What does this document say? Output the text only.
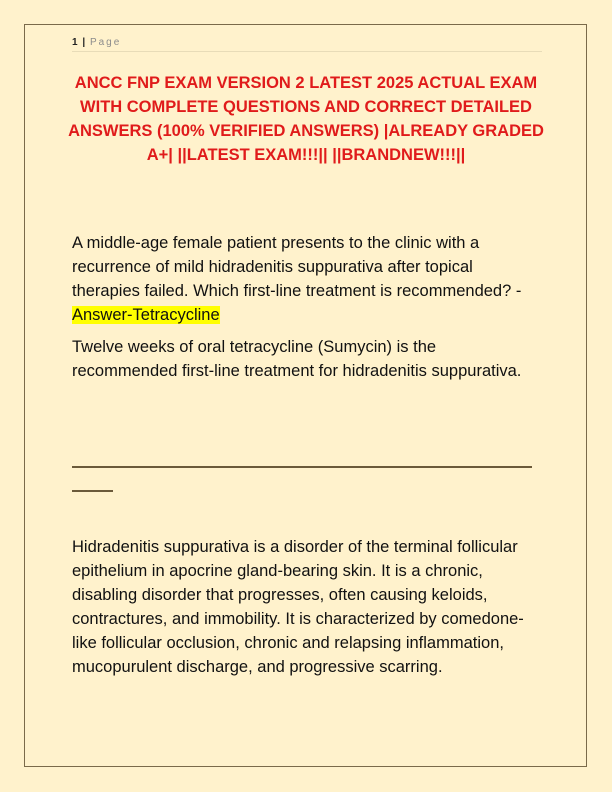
1 | Page
ANCC FNP EXAM VERSION 2 LATEST 2025 ACTUAL EXAM WITH COMPLETE QUESTIONS AND CORRECT DETAILED ANSWERS (100% VERIFIED ANSWERS) |ALREADY GRADED A+| ||LATEST EXAM!!!|| ||BRANDNEW!!!||
A middle-age female patient presents to the clinic with a recurrence of mild hidradenitis suppurativa after topical therapies failed. Which first-line treatment is recommended? - Answer-Tetracycline
Twelve weeks of oral tetracycline (Sumycin) is the recommended first-line treatment for hidradenitis suppurativa.
Hidradenitis suppurativa is a disorder of the terminal follicular epithelium in apocrine gland-bearing skin. It is a chronic, disabling disorder that progresses, often causing keloids, contractures, and immobility. It is characterized by comedone-like follicular occlusion, chronic and relapsing inflammation, mucopurulent discharge, and progressive scarring.
